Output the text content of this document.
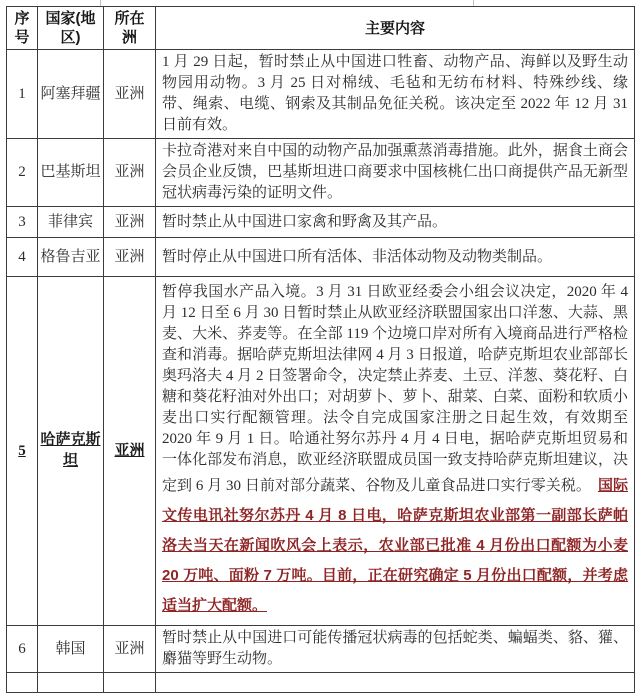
序号	国家(地 区)	所在 洲	主要内容
1	阿塞拜疆	亚洲	1 月 29 日起，暂时禁止从中国进口牲畜、动物产品、海鲜以及野生动物园用动物。3 月 25 日对棉绒、毛毡和无纺布材料、特殊纱线、缘带、绳索、电缆、钢索及其制品免征关税。该决定至 2022 年 12 月 31 日前有效。
2	巴基斯坦	亚洲	卡拉奇港对来自中国的动物产品加强熏蒸消毒措施。此外，据食土商会会员企业反馈，巴基斯坦进口商要求中国核桃仁出口商提供产品无新型冠状病毒污染的证明文件。
3	菲律宾	亚洲	暂时禁止从中国进口家禽和野禽及其产品。
4	格鲁吉亚	亚洲	暂时停止从中国进口所有活体、非活体动物及动物类制品。
5	哈萨克斯坦	亚洲	暂停我国水产品入境。3 月 31 日欧亚经委会小组会议决定，2020 年 4 月 12 日至 6 月 30 日暂时禁止从欧亚经济联盟国家出口洋葱、大蒜、黑麦、大米、荞麦等。在全部 119 个边境口岸对所有入境商品进行严格检查和消毒。据哈萨克斯坦法律网 4 月 3 日报道，哈萨克斯坦农业部部长奥玛洛夫 4 月 2 日签署命令，决定禁止荞麦、土豆、洋葱、葵花籽、白糖和葵花籽油对外出口；对胡萝卜、萝卜、甜菜、白菜、面粉和软质小麦出口实行配额管理。法令自完成国家注册之日起生效，有效期至 2020 年 9 月 1 日。哈通社努尔苏丹 4 月 4 日电，据哈萨克斯坦贸易和一体化部发布消息，欧亚经济联盟成员国一致支持哈萨克斯坦建议，决定到 6 月 30 日前对部分蔬菜、谷物及儿童食品进口实行零关税。 国际文传电讯社努尔苏丹 4 月 8 日电，哈萨克斯坦农业部第一副部长萨帕洛夫当天在新闻吹风会上表示，农业部已批准 4 月份出口配额为小麦 20 万吨、面粉 7 万吨。目前，正在研究确定 5 月份出口配额，并考虑适当扩大配额。
6	韩国	亚洲	暂时禁止从中国进口可能传播冠状病毒的包括蛇类、蝙蝠类、貉、獾、麝猫等野生动物。
